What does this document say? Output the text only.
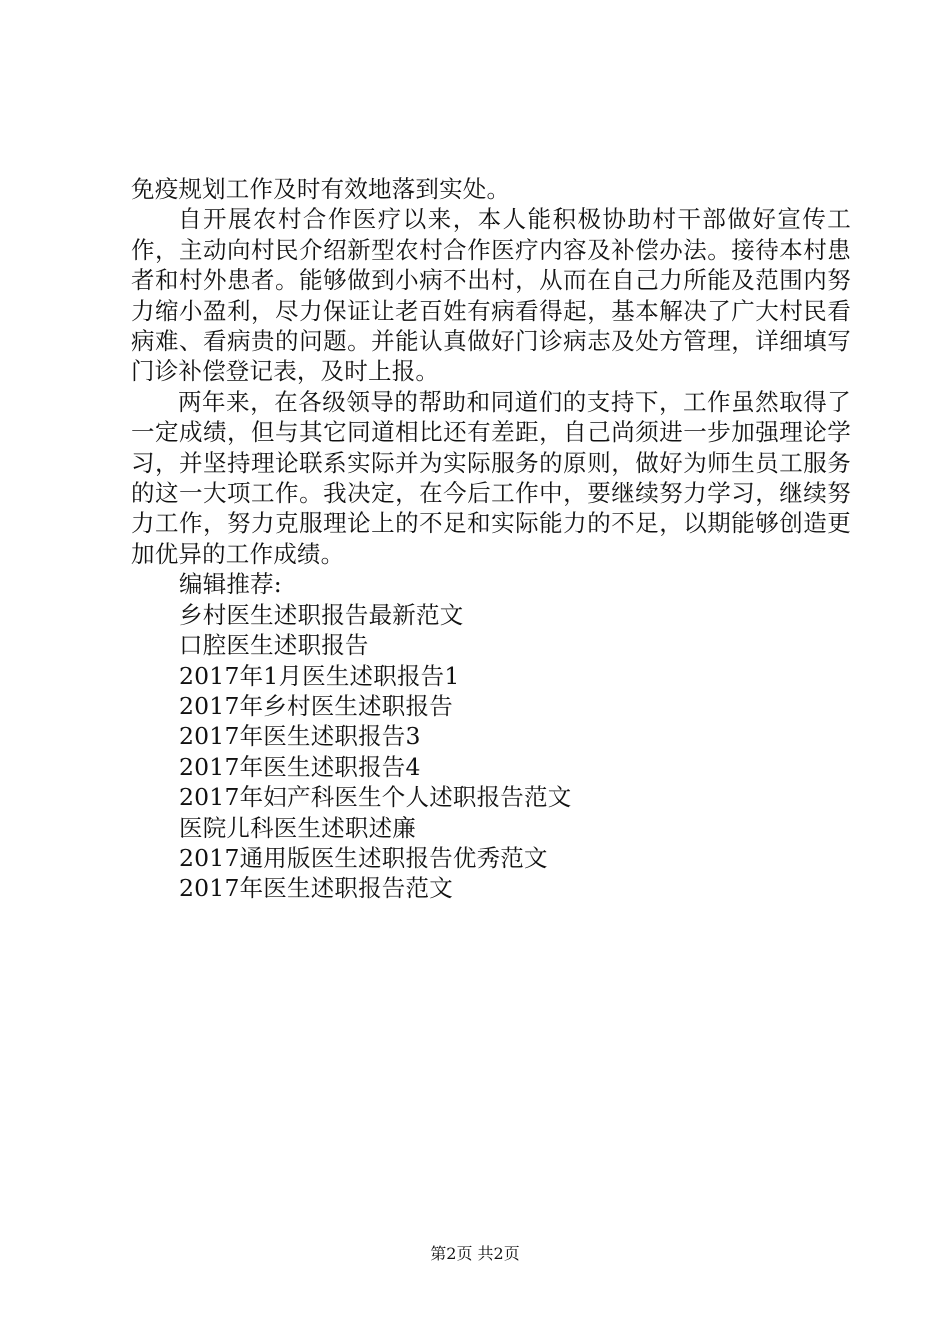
免疫规划工作及时有效地落到实处。

自开展农村合作医疗以来，本人能积极协助村干部做好宣传工作，主动向村民介绍新型农村合作医疗内容及补偿办法。接待本村患者和村外患者。能够做到小病不出村，从而在自己力所能及范围内努力缩小盈利，尽力保证让老百姓有病看得起，基本解决了广大村民看病难、看病贵的问题。并能认真做好门诊病志及处方管理，详细填写门诊补偿登记表，及时上报。

两年来，在各级领导的帮助和同道们的支持下，工作虽然取得了一定成绩，但与其它同道相比还有差距，自己尚须进一步加强理论学习，并坚持理论联系实际并为实际服务的原则，做好为师生员工服务的这一大项工作。我决定，在今后工作中，要继续努力学习，继续努力工作，努力克服理论上的不足和实际能力的不足，以期能够创造更加优异的工作成绩。

编辑推荐:

乡村医生述职报告最新范文
口腔医生述职报告
2017年1月医生述职报告1
2017年乡村医生述职报告
2017年医生述职报告3
2017年医生述职报告4
2017年妇产科医生个人述职报告范文
医院儿科医生述职述廉
2017通用版医生述职报告优秀范文
2017年医生述职报告范文
第2页 共2页
